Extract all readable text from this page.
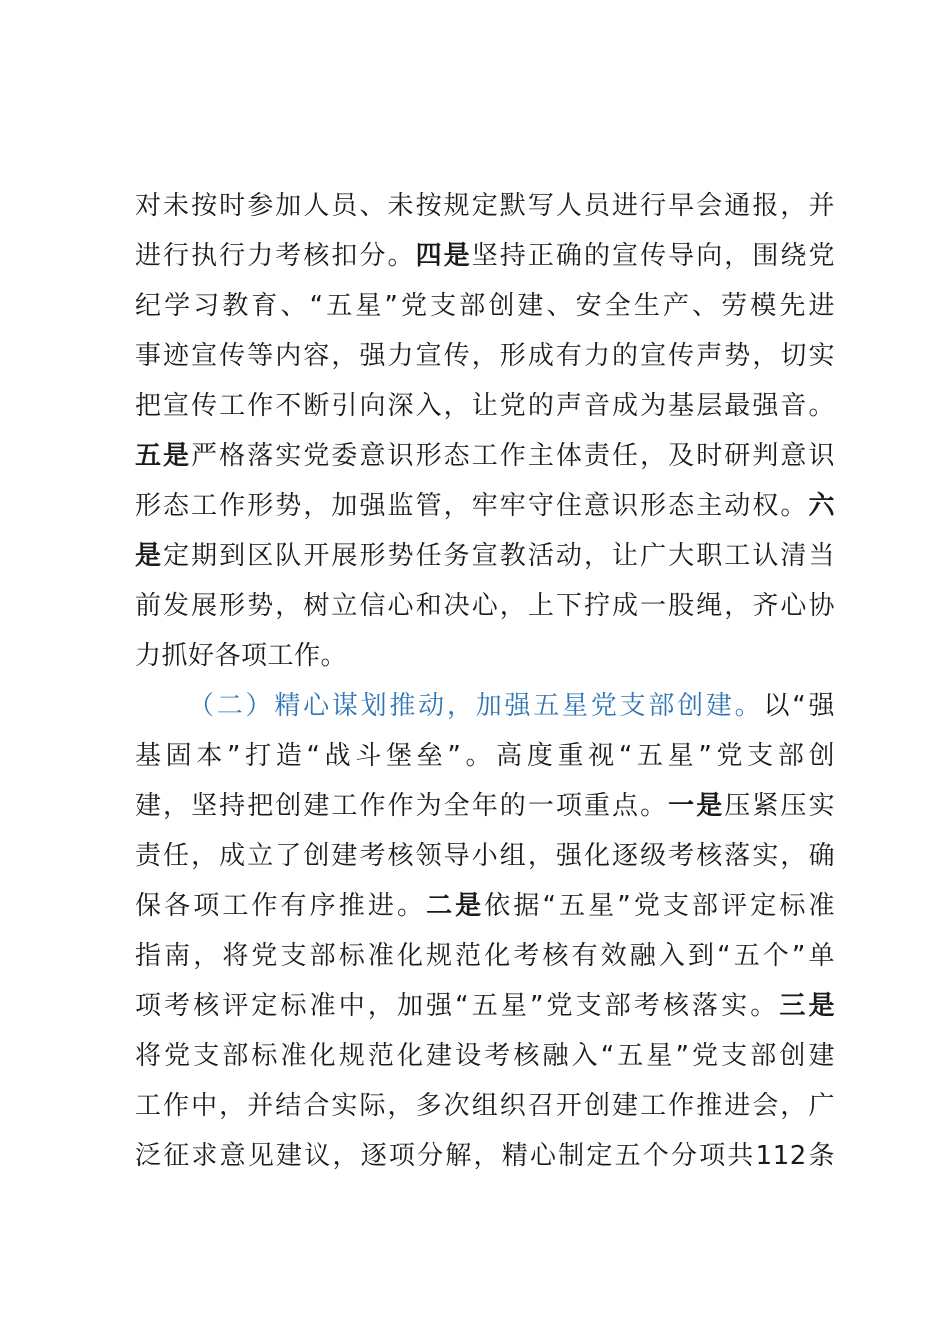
对未按时参加人员、未按规定默写人员进行早会通报，并
进行执行力考核扣分。四是坚持正确的宣传导向，围绕党
纪学习教育、“五星”党支部创建、安全生产、劳模先进
事迹宣传等内容，强力宣传，形成有力的宣传声势，切实
把宣传工作不断引向深入，让党的声音成为基层最强音。
五是严格落实党委意识形态工作主体责任，及时研判意识
形态工作形势，加强监管，牢牢守住意识形态主动权。六
是定期到区队开展形势任务宣教活动，让广大职工认清当
前发展形势，树立信心和决心，上下拧成一股绳，齐心协
力抓好各项工作。
（二）精心谋划推动，加强五星党支部创建。以“强
基固本”打造“战斗堡垒”。高度重视“五星”党支部创
建，坚持把创建工作作为全年的一项重点。一是压紧压实
责任，成立了创建考核领导小组，强化逐级考核落实，确
保各项工作有序推进。二是依据“五星”党支部评定标准
指南，将党支部标准化规范化考核有效融入到“五个”单
项考核评定标准中，加强“五星”党支部考核落实。三是
将党支部标准化规范化建设考核融入“五星”党支部创建
工作中，并结合实际，多次组织召开创建工作推进会，广
泛征求意见建议，逐项分解，精心制定五个分项共112条
